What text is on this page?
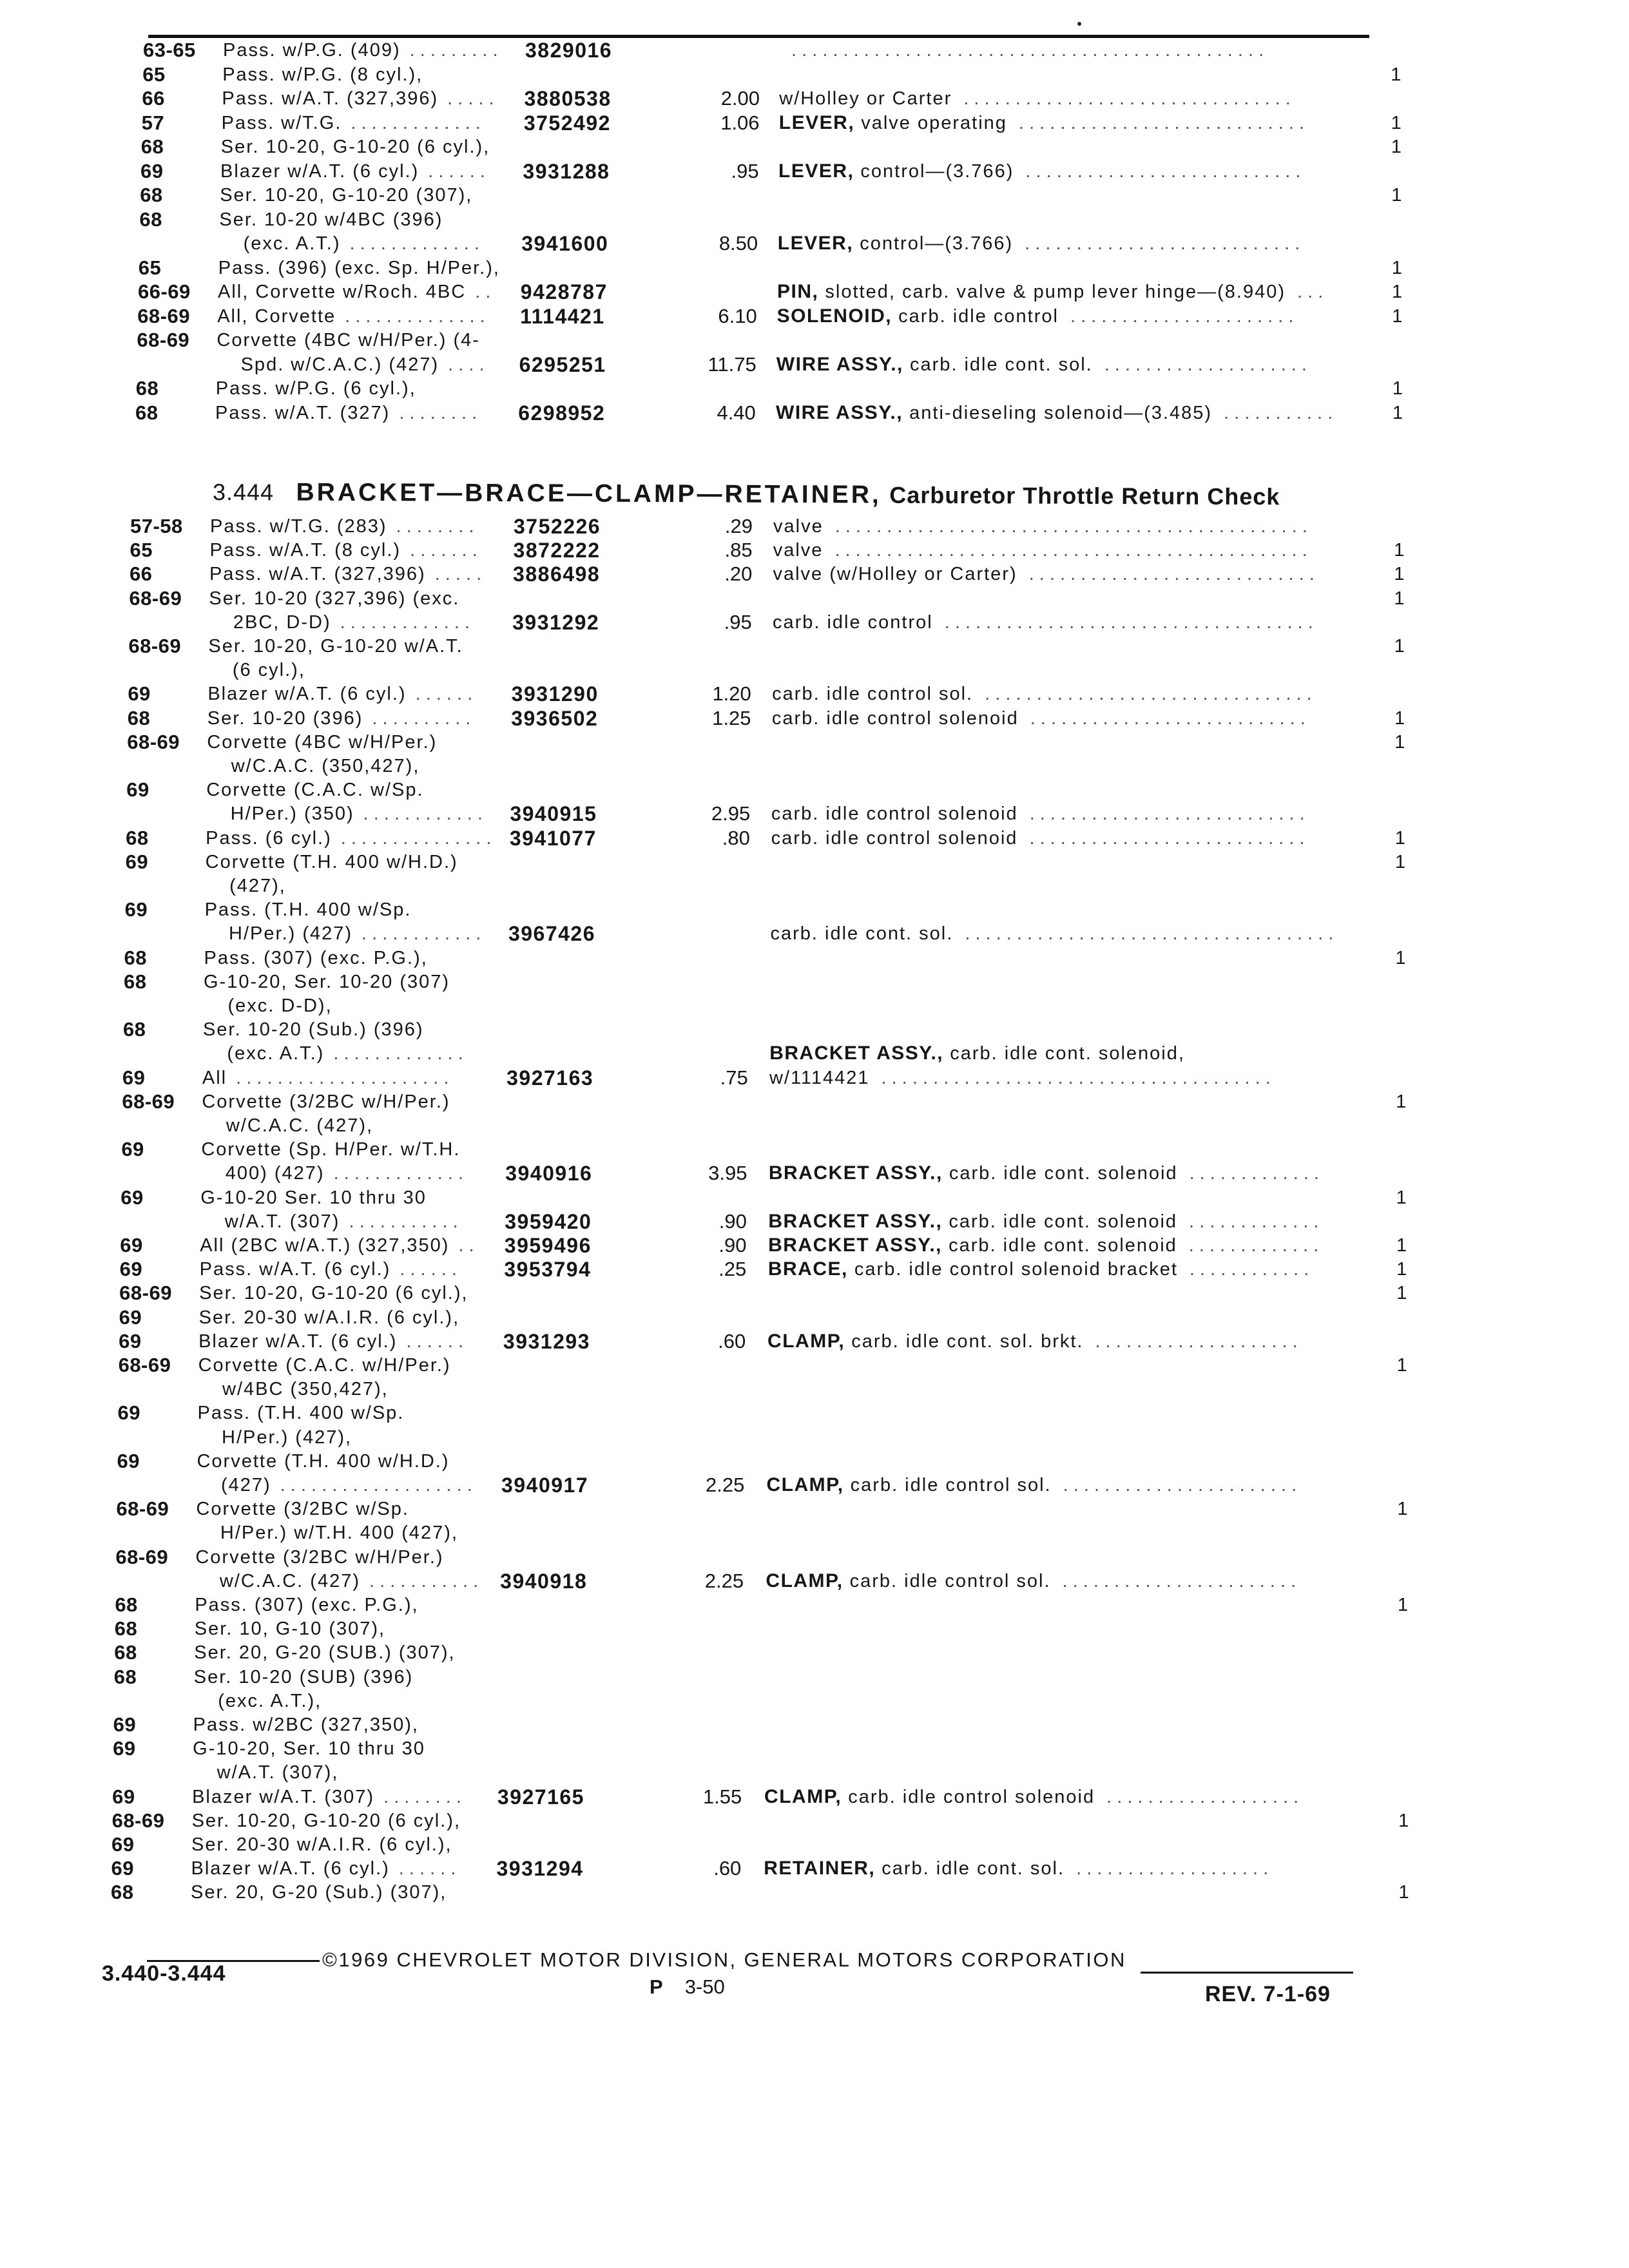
63-65 Pass. w/P.G. (409) . . . . . . . . . 3829016	. . . . . . . . . . . . . . . . . . . . . . . . . . . . . . . . . . . . . . . . . . . . . .
65	Pass. w/P.G. (8 cyl.),	1
66	Pass. w/A.T. (327,396) . . . . . 3880538	2.00 w/Holley or Carter . . . . . . . . . . . . . . . . . . . . . . . . . . . . . . . .
57	Pass. w/T.G. . . . . . . . . . . . . . 3752492	1.06 LEVER, valve operating . . . . . . . . . . . . . . . . . . . . . . . . . . . .	1
68	Ser. 10-20, G-10-20 (6 cyl.),	1
69	Blazer w/A.T. (6 cyl.) . . . . . . 3931288	.95 LEVER, control—(3.766) . . . . . . . . . . . . . . . . . . . . . . . . . . .
68	Ser. 10-20, G-10-20 (307),	1
68	Ser. 10-20 w/4BC (396)
(exc. A.T.) . . . . . . . . . . . . . 3941600	8.50 LEVER, control—(3.766) . . . . . . . . . . . . . . . . . . . . . . . . . . .
65	Pass. (396) (exc. Sp. H/Per.),	1
66-69 All, Corvette w/Roch. 4BC . . 9428787	PIN, slotted, carb. valve & pump lever hinge—(8.940) . . .	1
68-69 All, Corvette . . . . . . . . . . . . . . 1114421	6.10 SOLENOID, carb. idle control . . . . . . . . . . . . . . . . . . . . . .	1
68-69 Corvette (4BC w/H/Per.) (4-
Spd. w/C.A.C.) (427) . . . . 6295251	11.75 WIRE ASSY., carb. idle cont. sol. . . . . . . . . . . . . . . . . . . . .
68	Pass. w/P.G. (6 cyl.),	1
68	Pass. w/A.T. (327) . . . . . . . . 6298952	4.40 WIRE ASSY., anti-dieseling solenoid—(3.485) . . . . . . . . . . .	1
3.444 BRACKET—BRACE—CLAMP—RETAINER, Carburetor Throttle Return Check
57-58 Pass. w/T.G. (283) . . . . . . . . 3752226	.29 valve . . . . . . . . . . . . . . . . . . . . . . . . . . . . . . . . . . . . . . . . . . . . . .
65	Pass. w/A.T. (8 cyl.) . . . . . . . 3872222	.85 valve . . . . . . . . . . . . . . . . . . . . . . . . . . . . . . . . . . . . . . . . . . . . . .	1
66	Pass. w/A.T. (327,396) . . . . . 3886498	.20 valve (w/Holley or Carter) . . . . . . . . . . . . . . . . . . . . . . . . . . . .	1
68-69 Ser. 10-20 (327,396) (exc.	1
2BC, D-D) . . . . . . . . . . . . . 3931292	.95 carb. idle control . . . . . . . . . . . . . . . . . . . . . . . . . . . . . . . . . . . .
68-69 Ser. 10-20, G-10-20 w/A.T.	1
(6 cyl.),
69	Blazer w/A.T. (6 cyl.) . . . . . . 3931290	1.20 carb. idle control sol. . . . . . . . . . . . . . . . . . . . . . . . . . . . . . . . .
68	Ser. 10-20 (396) . . . . . . . . . . 3936502	1.25 carb. idle control solenoid . . . . . . . . . . . . . . . . . . . . . . . . . . .	1
68-69 Corvette (4BC w/H/Per.)	1
w/C.A.C. (350,427),
69	Corvette (C.A.C. w/Sp.
H/Per.) (350) . . . . . . . . . . . . 3940915	2.95 carb. idle control solenoid . . . . . . . . . . . . . . . . . . . . . . . . . . .
68	Pass. (6 cyl.) . . . . . . . . . . . . . . . 3941077	.80 carb. idle control solenoid . . . . . . . . . . . . . . . . . . . . . . . . . . .	1
69	Corvette (T.H. 400 w/H.D.)	1
(427),
69	Pass. (T.H. 400 w/Sp.
H/Per.) (427) . . . . . . . . . . . . 3967426	carb. idle cont. sol. . . . . . . . . . . . . . . . . . . . . . . . . . . . . . . . . . . . .
68	Pass. (307) (exc. P.G.),	1
68	G-10-20, Ser. 10-20 (307)
(exc. D-D),
68	Ser. 10-20 (Sub.) (396)
(exc. A.T.) . . . . . . . . . . . . .	BRACKET ASSY., carb. idle cont. solenoid,
69	All . . . . . . . . . . . . . . . . . . . . .	3927163	.75 w/1114421 . . . . . . . . . . . . . . . . . . . . . . . . . . . . . . . . . . . . . .
68-69 Corvette (3/2BC w/H/Per.)	1
w/C.A.C. (427),
69	Corvette (Sp. H/Per. w/T.H.
400) (427) . . . . . . . . . . . . . 3940916	3.95 BRACKET ASSY., carb. idle cont. solenoid . . . . . . . . . . . . .
69	G-10-20 Ser. 10 thru 30	1
w/A.T. (307) . . . . . . . . . . . 3959420	.90 BRACKET ASSY., carb. idle cont. solenoid . . . . . . . . . . . . .
69	All (2BC w/A.T.) (327,350) . . 3959496	.90 BRACKET ASSY., carb. idle cont. solenoid . . . . . . . . . . . . .	1
69	Pass. w/A.T. (6 cyl.) . . . . . . 3953794	.25 BRACE, carb. idle control solenoid bracket . . . . . . . . . . . .	1
68-69 Ser. 10-20, G-10-20 (6 cyl.),	1
69	Ser. 20-30 w/A.I.R. (6 cyl.),
69	Blazer w/A.T. (6 cyl.) . . . . . . 3931293	.60 CLAMP, carb. idle cont. sol. brkt. . . . . . . . . . . . . . . . . . . . .
68-69 Corvette (C.A.C. w/H/Per.)	1
w/4BC (350,427),
69	Pass. (T.H. 400 w/Sp.
H/Per.) (427),
69	Corvette (T.H. 400 w/H.D.)
(427) . . . . . . . . . . . . . . . . . . . 3940917	2.25 CLAMP, carb. idle control sol. . . . . . . . . . . . . . . . . . . . . . . .
68-69 Corvette (3/2BC w/Sp.	1
H/Per.) w/T.H. 400 (427),
68-69 Corvette (3/2BC w/H/Per.)
w/C.A.C. (427) . . . . . . . . . . . 3940918	2.25 CLAMP, carb. idle control sol. . . . . . . . . . . . . . . . . . . . . . . .
68	Pass. (307) (exc. P.G.),	1
68	Ser. 10, G-10 (307),
68	Ser. 20, G-20 (SUB.) (307),
68	Ser. 10-20 (SUB) (396)
(exc. A.T.),
69	Pass. w/2BC (327,350),
69	G-10-20, Ser. 10 thru 30
w/A.T. (307),
69	Blazer w/A.T. (307) . . . . . . . . 3927165	1.55 CLAMP, carb. idle control solenoid . . . . . . . . . . . . . . . . . . .
68-69 Ser. 10-20, G-10-20 (6 cyl.),	1
69	Ser. 20-30 w/A.I.R. (6 cyl.),
69	Blazer w/A.T. (6 cyl.) . . . . . . 3931294	.60 RETAINER, carb. idle cont. sol. . . . . . . . . . . . . . . . . . . .
68	Ser. 20, G-20 (Sub.) (307),	1
©1969 CHEVROLET MOTOR DIVISION, GENERAL MOTORS CORPORATION
3.440-3.444
P 3-50	REV. 7-1-69
